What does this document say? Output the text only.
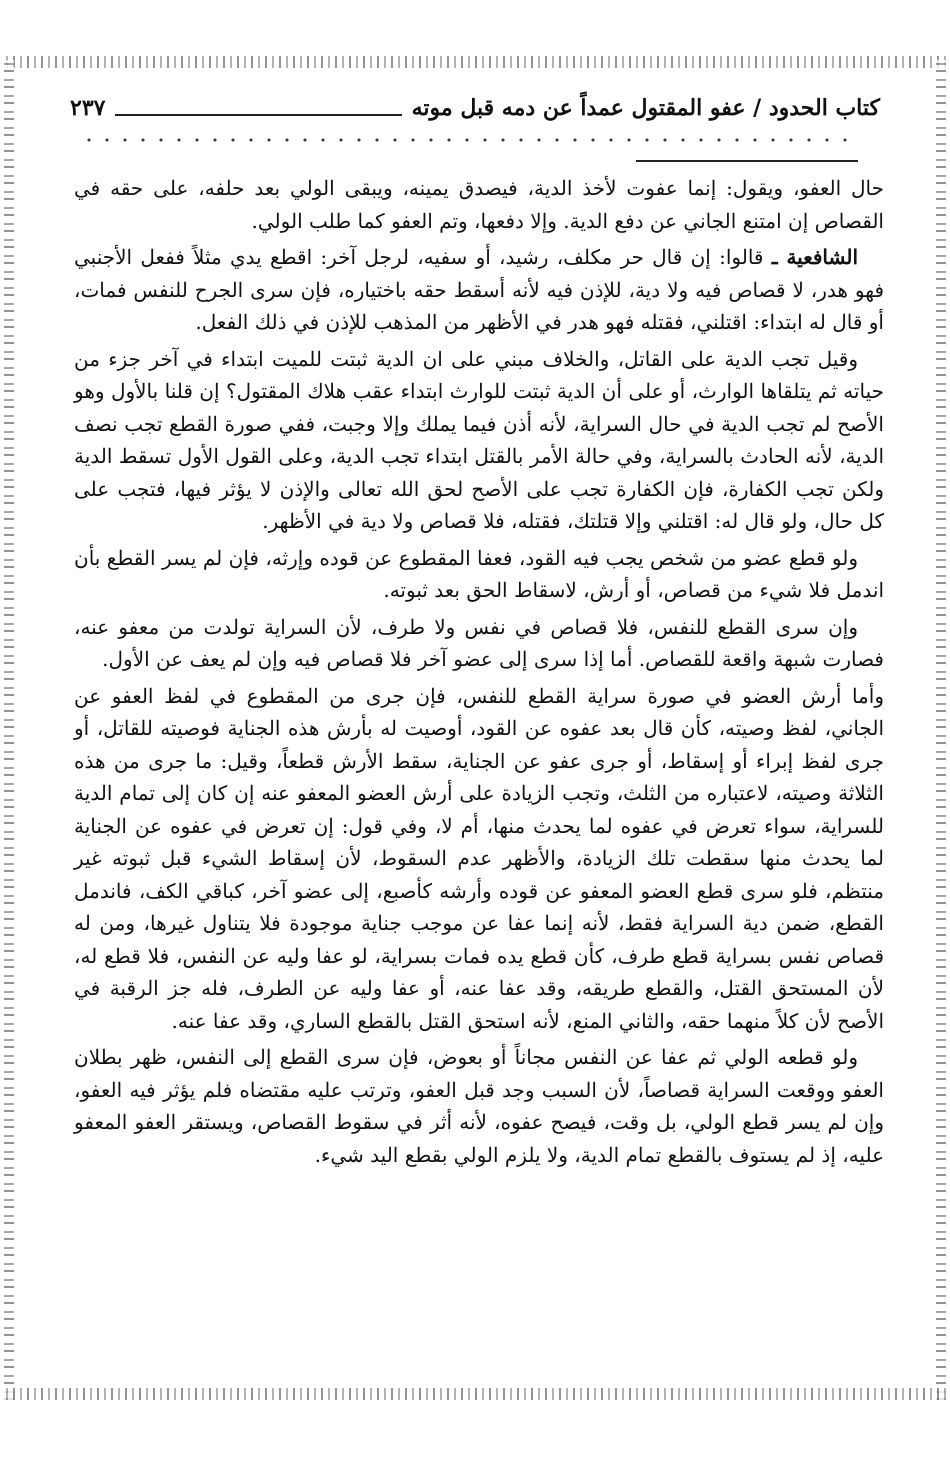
كتاب الحدود / عفو المقتول عمداً عن دمه قبل موته
٢٣٧

حال العفو، ويقول: إنما عفوت لأخذ الدية، فيصدق يمينه، ويبقى الولي بعد حلفه، على حقه في القصاص إن امتنع الجاني عن دفع الدية. وإلا دفعها، وتم العفو كما طلب الولي.

الشافعية ـ قالوا: إن قال حر مكلف، رشيد، أو سفيه، لرجل آخر: اقطع يدي مثلاً ففعل الأجنبي فهو هدر، لا قصاص فيه ولا دية، للإذن فيه لأنه أسقط حقه باختياره، فإن سرى الجرح للنفس فمات، أو قال له ابتداء: اقتلني، فقتله فهو هدر في الأظهر من المذهب للإذن في ذلك الفعل.

وقيل تجب الدية على القاتل، والخلاف مبني على ان الدية ثبتت للميت ابتداء في آخر جزء من حياته ثم يتلقاها الوارث، أو على أن الدية ثبتت للوارث ابتداء عقب هلاك المقتول؟ إن قلنا بالأول وهو الأصح لم تجب الدية في حال السراية، لأنه أذن فيما يملك وإلا وجبت، ففي صورة القطع تجب نصف الدية، لأنه الحادث بالسراية، وفي حالة الأمر بالقتل ابتداء تجب الدية، وعلى القول الأول تسقط الدية ولكن تجب الكفارة، فإن الكفارة تجب على الأصح لحق الله تعالى والإذن لا يؤثر فيها، فتجب على كل حال، ولو قال له: اقتلني وإلا قتلتك، فقتله، فلا قصاص ولا دية في الأظهر.

ولو قطع عضو من شخص يجب فيه القود، فعفا المقطوع عن قوده وإرثه، فإن لم يسر القطع بأن اندمل فلا شيء من قصاص، أو أرش، لاسقاط الحق بعد ثبوته.

وإن سرى القطع للنفس، فلا قصاص في نفس ولا طرف، لأن السراية تولدت من معفو عنه، فصارت شبهة واقعة للقصاص. أما إذا سرى إلى عضو آخر فلا قصاص فيه وإن لم يعف عن الأول.

وأما أرش العضو في صورة سراية القطع للنفس، فإن جرى من المقطوع في لفظ العفو عن الجاني، لفظ وصيته، كأن قال بعد عفوه عن القود، أوصيت له بأرش هذه الجناية فوصيته للقاتل، أو جرى لفظ إبراء أو إسقاط، أو جرى عفو عن الجناية، سقط الأرش قطعاً، وقيل: ما جرى من هذه الثلاثة وصيته، لاعتباره من الثلث، وتجب الزيادة على أرش العضو المعفو عنه إن كان إلى تمام الدية للسراية، سواء تعرض في عفوه لما يحدث منها، أم لا، وفي قول: إن تعرض في عفوه عن الجناية لما يحدث منها سقطت تلك الزيادة، والأظهر عدم السقوط، لأن إسقاط الشيء قبل ثبوته غير منتظم، فلو سرى قطع العضو المعفو عن قوده وأرشه كأصبع، إلى عضو آخر، كباقي الكف، فاندمل القطع، ضمن دية السراية فقط، لأنه إنما عفا عن موجب جناية موجودة فلا يتناول غيرها، ومن له قصاص نفس بسراية قطع طرف، كأن قطع يده فمات بسراية، لو عفا وليه عن النفس، فلا قطع له، لأن المستحق القتل، والقطع طريقه، وقد عفا عنه، أو عفا وليه عن الطرف، فله جز الرقبة في الأصح لأن كلاً منهما حقه، والثاني المنع، لأنه استحق القتل بالقطع الساري، وقد عفا عنه.

ولو قطعه الولي ثم عفا عن النفس مجاناً أو بعوض، فإن سرى القطع إلى النفس، ظهر بطلان العفو ووقعت السراية قصاصاً، لأن السبب وجد قبل العفو، وترتب عليه مقتضاه فلم يؤثر فيه العفو، وإن لم يسر قطع الولي، بل وقت، فيصح عفوه، لأنه أثر في سقوط القصاص، ويستقر العفو المعفو عليه، إذ لم يستوف بالقطع تمام الدية، ولا يلزم الولي بقطع اليد شيء.
